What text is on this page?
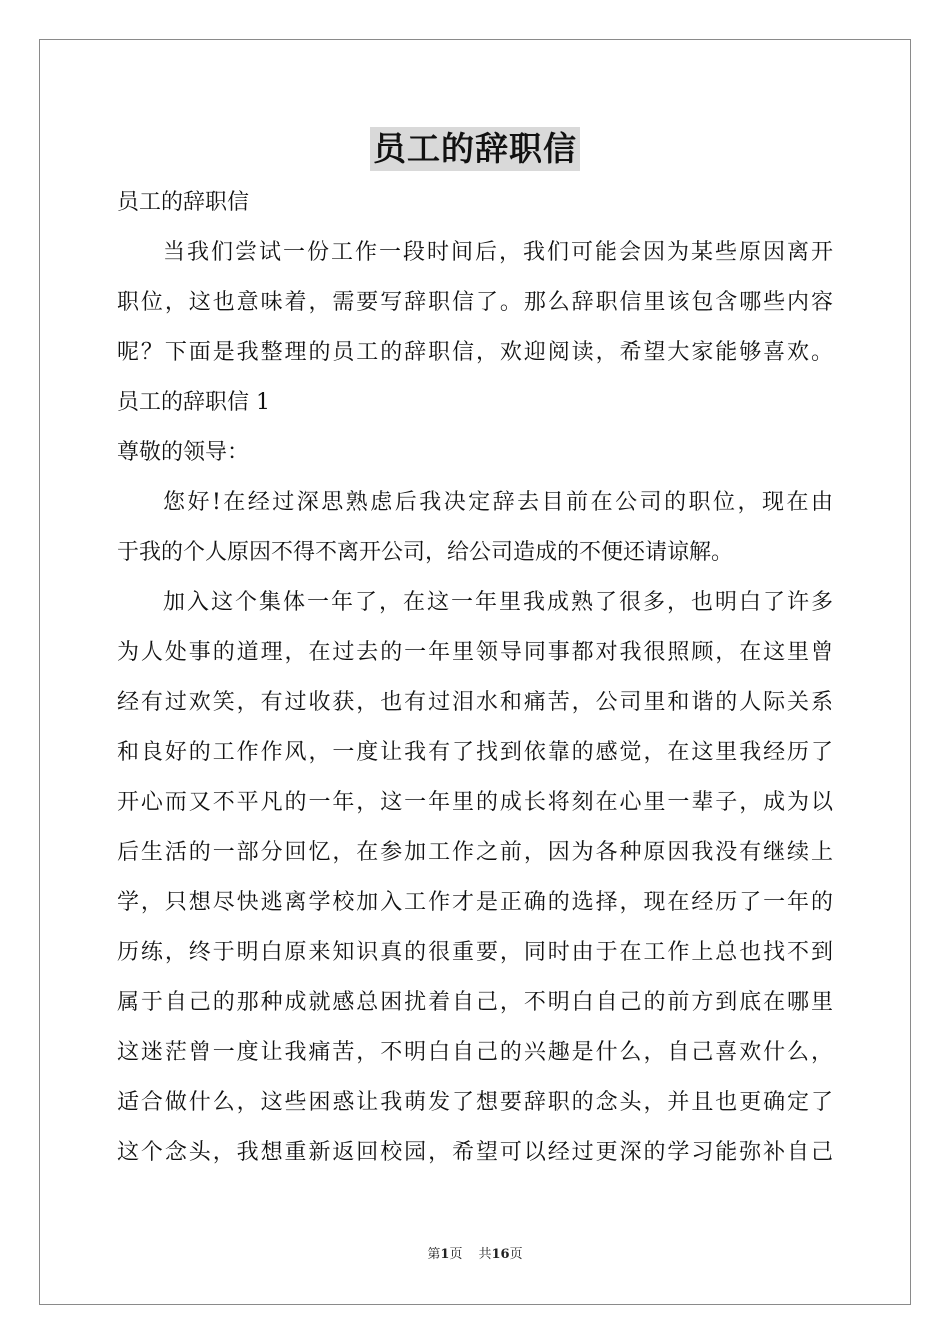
员工的辞职信

员工的辞职信

当我们尝试一份工作一段时间后，我们可能会因为某些原因离开

职位，这也意味着，需要写辞职信了。那么辞职信里该包含哪些内容

呢？下面是我整理的员工的辞职信，欢迎阅读，希望大家能够喜欢。

员工的辞职信 1

尊敬的领导：

您好!在经过深思熟虑后我决定辞去目前在公司的职位，现在由

于我的个人原因不得不离开公司，给公司造成的不便还请谅解。

加入这个集体一年了，在这一年里我成熟了很多，也明白了许多

为人处事的道理，在过去的一年里领导同事都对我很照顾，在这里曾

经有过欢笑，有过收获，也有过泪水和痛苦，公司里和谐的人际关系

和良好的工作作风，一度让我有了找到依靠的感觉，在这里我经历了

开心而又不平凡的一年，这一年里的成长将刻在心里一辈子，成为以

后生活的一部分回忆，在参加工作之前，因为各种原因我没有继续上

学，只想尽快逃离学校加入工作才是正确的选择，现在经历了一年的

历练，终于明白原来知识真的很重要，同时由于在工作上总也找不到

属于自己的那种成就感总困扰着自己，不明白自己的前方到底在哪里

这迷茫曾一度让我痛苦，不明白自己的兴趣是什么，自己喜欢什么，

适合做什么，这些困惑让我萌发了想要辞职的念头，并且也更确定了

这个念头，我想重新返回校园，希望可以经过更深的学习能弥补自己

第1页 共16页
